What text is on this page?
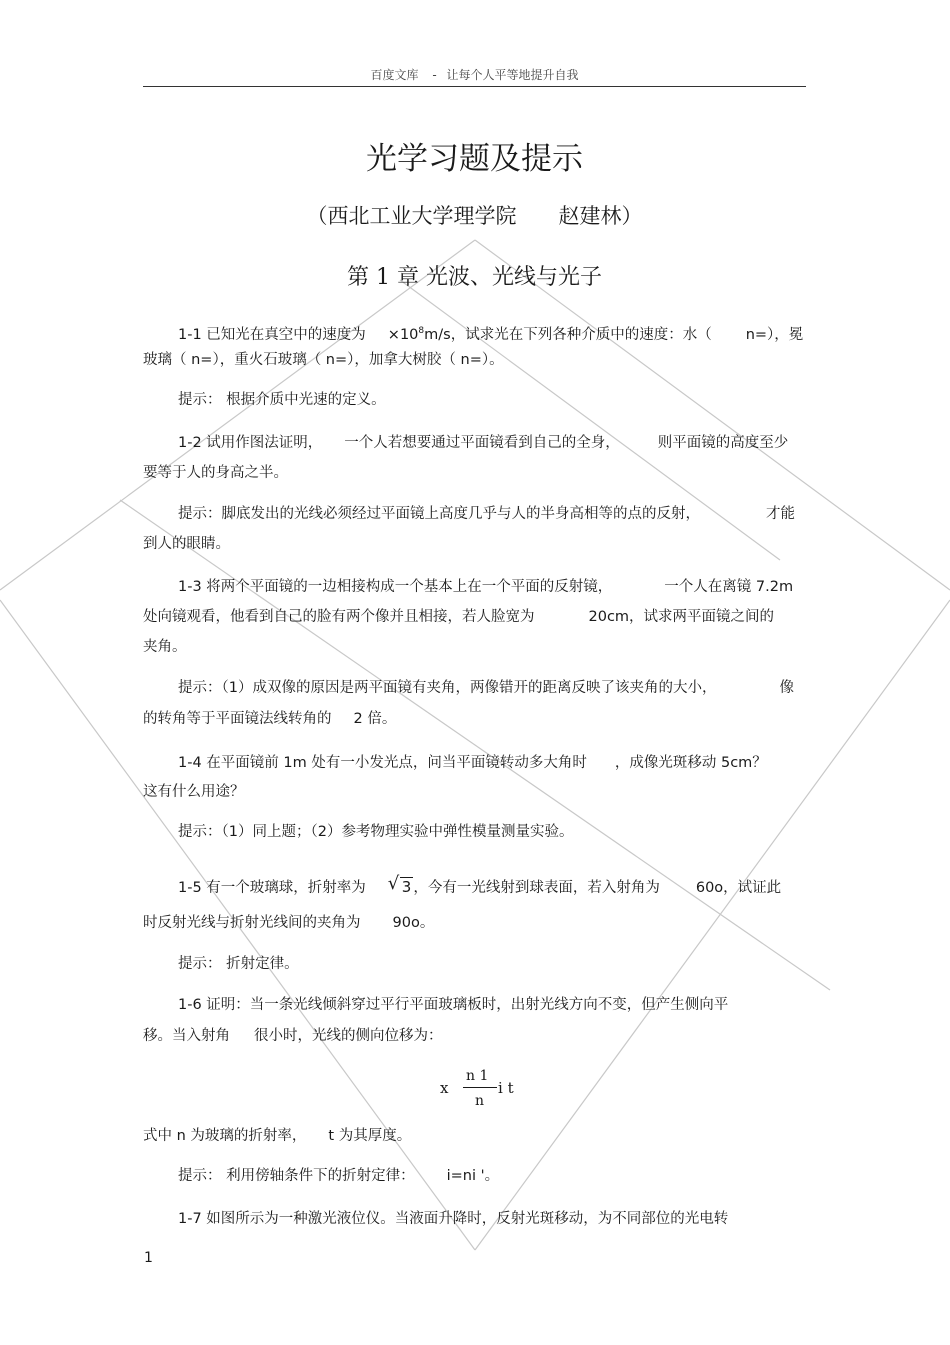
百度文库 - 让每个人平等地提升自我
光学习题及提示
（西北工业大学理学院　　赵建林）
第 1 章 光波、光线与光子
1-1 已知光在真空中的速度为 $\times 10^8m/s$，试求光在下列各种介质中的速度：水（ n=），冕
玻璃（ n=），重火石玻璃（ n=），加拿大树胶（ n=）。
提示： 根据介质中光速的定义。
1-2 试用作图法证明， 一个人若想要通过平面镜看到自己的全身，	则平面镜的高度至少
要等于人的身高之半。
提示：脚底发出的光线必须经过平面镜上高度几乎与人的半身高相等的点的反射，	才能
到人的眼睛。
1-3 将两个平面镜的一边相接构成一个基本上在一个平面的反射镜，	一个人在离镜 7.2m
处向镜观看，他看到自己的脸有两个像并且相接，若人脸宽为	20cm，试求两平面镜之间的
夹角。
提示：（1）成双像的原因是两平面镜有夹角，两像错开的距离反映了该夹角的大小，	像
的转角等于平面镜法线转角的 2 倍。
1-4 在平面镜前 1m 处有一小发光点，问当平面镜转动多大角时 ，成像光斑移动 5cm？
这有什么用途？
提示：（1）同上题；（2）参考物理实验中弹性模量测量实验。
1-5 有一个玻璃球，折射率为 √ 3 ，今有一光线射到球表面，若入射角为 60o，试证此
时反射光线与折射光线间的夹角为 90o。
提示： 折射定律。
1-6 证明：当一条光线倾斜穿过平行平面玻璃板时，出射光线方向不变，但产生侧向平
移。当入射角 很小时，光线的侧向位移为：
x
n 1
n
i t
式中 n 为玻璃的折射率， t 为其厚度。
提示： 利用傍轴条件下的折射定律： i=ni '。
1-7 如图所示为一种激光液位仪。当液面升降时，反射光斑移动，为不同部位的光电转
1
